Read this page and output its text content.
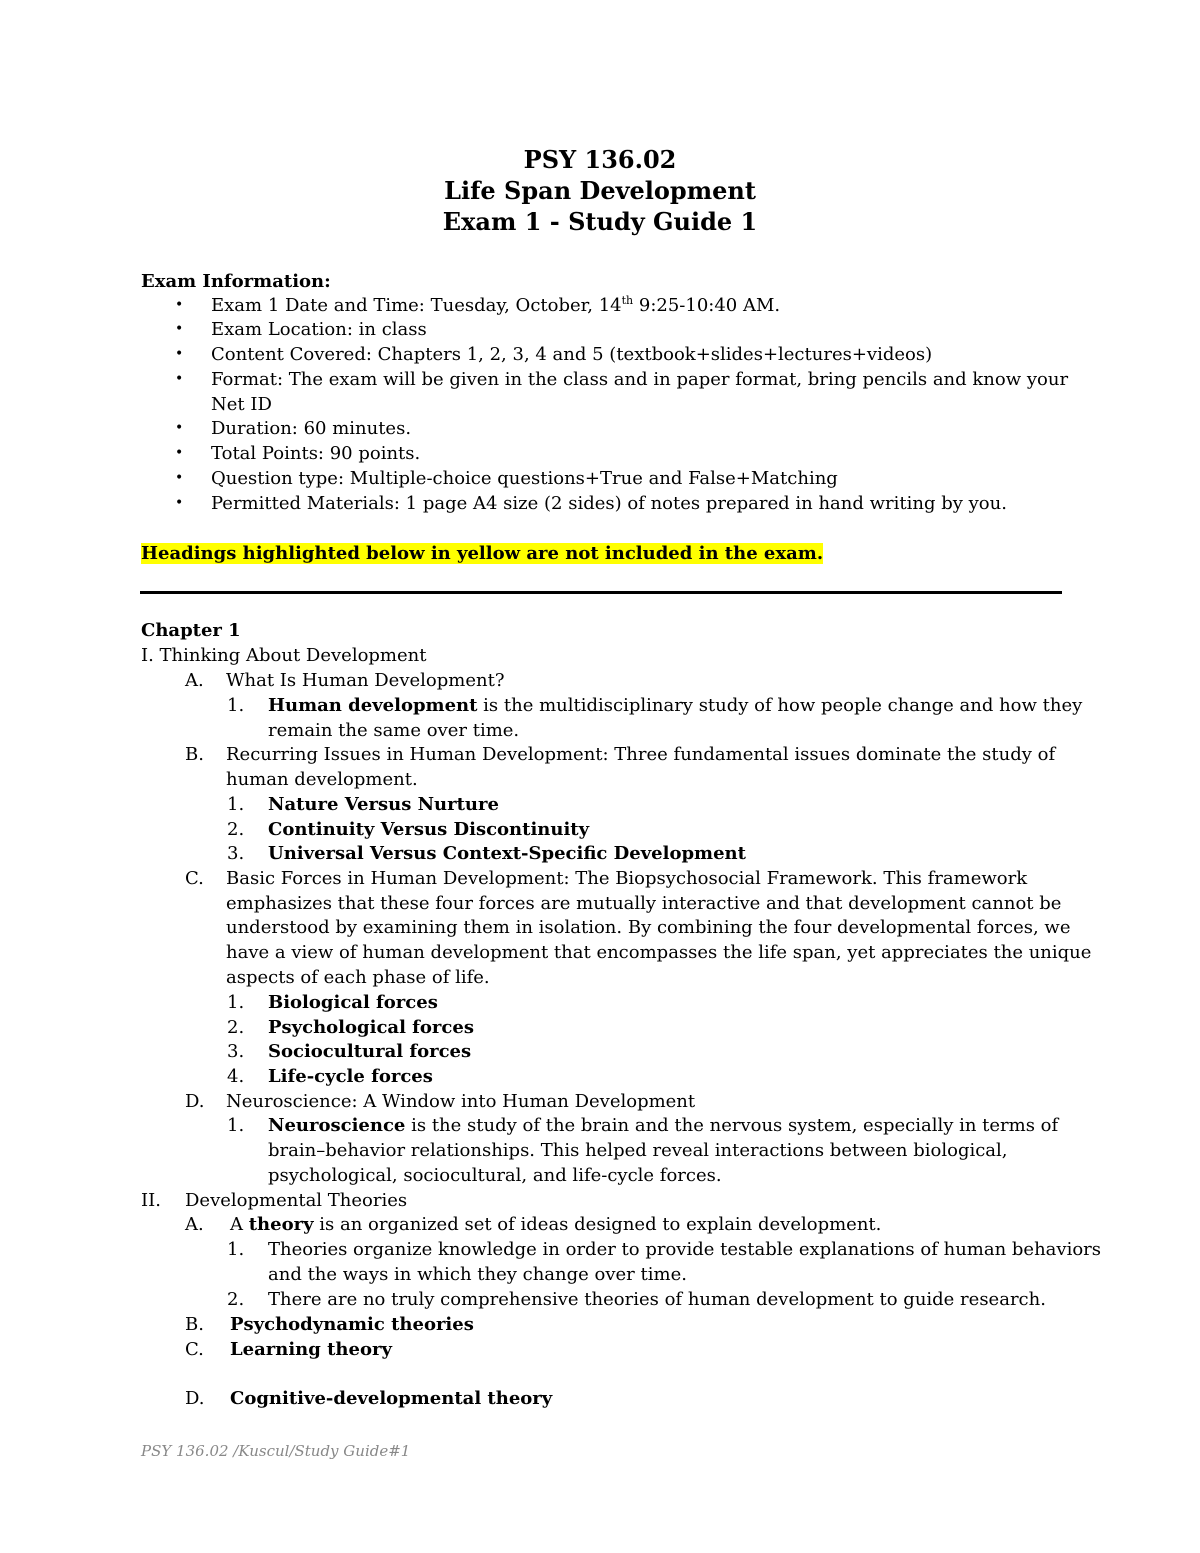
PSY 136.02
Life Span Development
Exam 1 - Study Guide 1
Exam Information:
• Exam 1 Date and Time: Tuesday, October, 14th 9:25-10:40 AM.
• Exam Location: in class
• Content Covered: Chapters 1, 2, 3, 4 and 5 (textbook+slides+lectures+videos)
• Format: The exam will be given in the class and in paper format, bring pencils and know your
Net ID
• Duration: 60 minutes.
• Total Points: 90 points.
• Question type: Multiple-choice questions+True and False+Matching
• Permitted Materials: 1 page A4 size (2 sides) of notes prepared in hand writing by you.
Headings highlighted below in yellow are not included in the exam.
Chapter 1
I. Thinking About Development
A. What Is Human Development?
1. Human development is the multidisciplinary study of how people change and how they
remain the same over time.
B. Recurring Issues in Human Development: Three fundamental issues dominate the study of
human development.
1. Nature Versus Nurture
2. Continuity Versus Discontinuity
3. Universal Versus Context-Specific Development
C. Basic Forces in Human Development: The Biopsychosocial Framework. This framework
emphasizes that these four forces are mutually interactive and that development cannot be
understood by examining them in isolation. By combining the four developmental forces, we
have a view of human development that encompasses the life span, yet appreciates the unique
aspects of each phase of life.
1. Biological forces
2. Psychological forces
3. Sociocultural forces
4. Life-cycle forces
D. Neuroscience: A Window into Human Development
1. Neuroscience is the study of the brain and the nervous system, especially in terms of
brain–behavior relationships. This helped reveal interactions between biological,
psychological, sociocultural, and life-cycle forces.
II. Developmental Theories
A. A theory is an organized set of ideas designed to explain development.
1. Theories organize knowledge in order to provide testable explanations of human behaviors
and the ways in which they change over time.
2. There are no truly comprehensive theories of human development to guide research.
B. Psychodynamic theories
C. Learning theory
D. Cognitive-developmental theory
PSY 136.02 /Kuscul/Study Guide#1
